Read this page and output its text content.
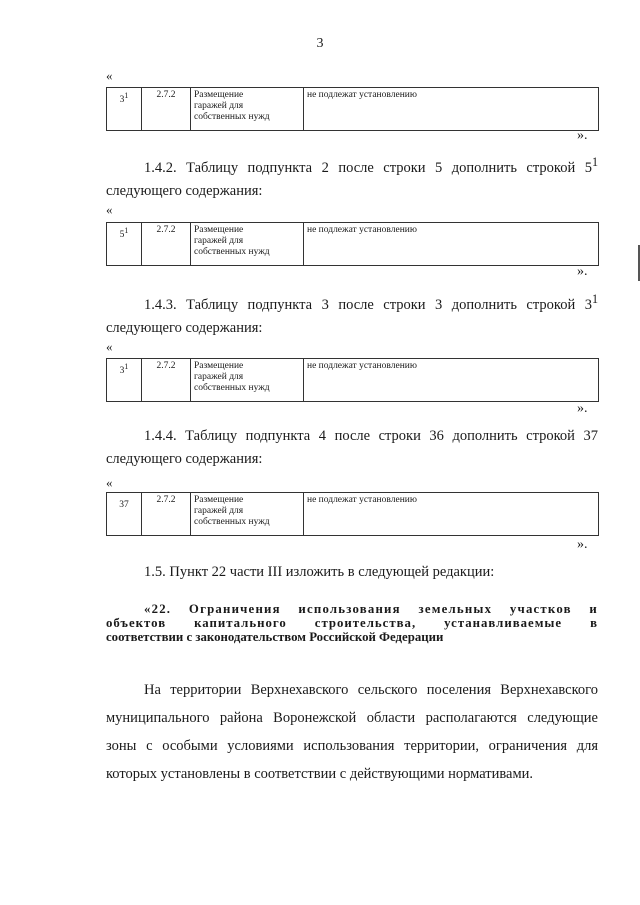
3
«
$3^1$	2.7.2	Размещение
гаражей для
собственных нужд	не подлежат установлению
».
1.4.2. Таблицу подпункта 2 после строки 5 дополнить строкой $5^1$
следующего содержания:
«
$5^1$	2.7.2	Размещение
гаражей для
собственных нужд	не подлежат установлению
».
1.4.3. Таблицу подпункта 3 после строки 3 дополнить строкой $3^1$
следующего содержания:
«
$3^1$	2.7.2	Размещение
гаражей для
собственных нужд	не подлежат установлению
».
1.4.4. Таблицу подпункта 4 после строки 36 дополнить строкой 37
следующего содержания:
«
37	2.7.2	Размещение
гаражей для
собственных нужд	не подлежат установлению
».
1.5. Пункт 22 части III изложить в следующей редакции:
«22. Ограничения использования земельных участков и
объектов капитального строительства, устанавливаемые в
соответствии с законодательством Российской Федерации
На территории Верхнехавского сельского поселения Верхнехавского
муниципального района Воронежской области располагаются следующие
зоны с особыми условиями использования территории, ограничения для
которых установлены в соответствии с действующими нормативами.
